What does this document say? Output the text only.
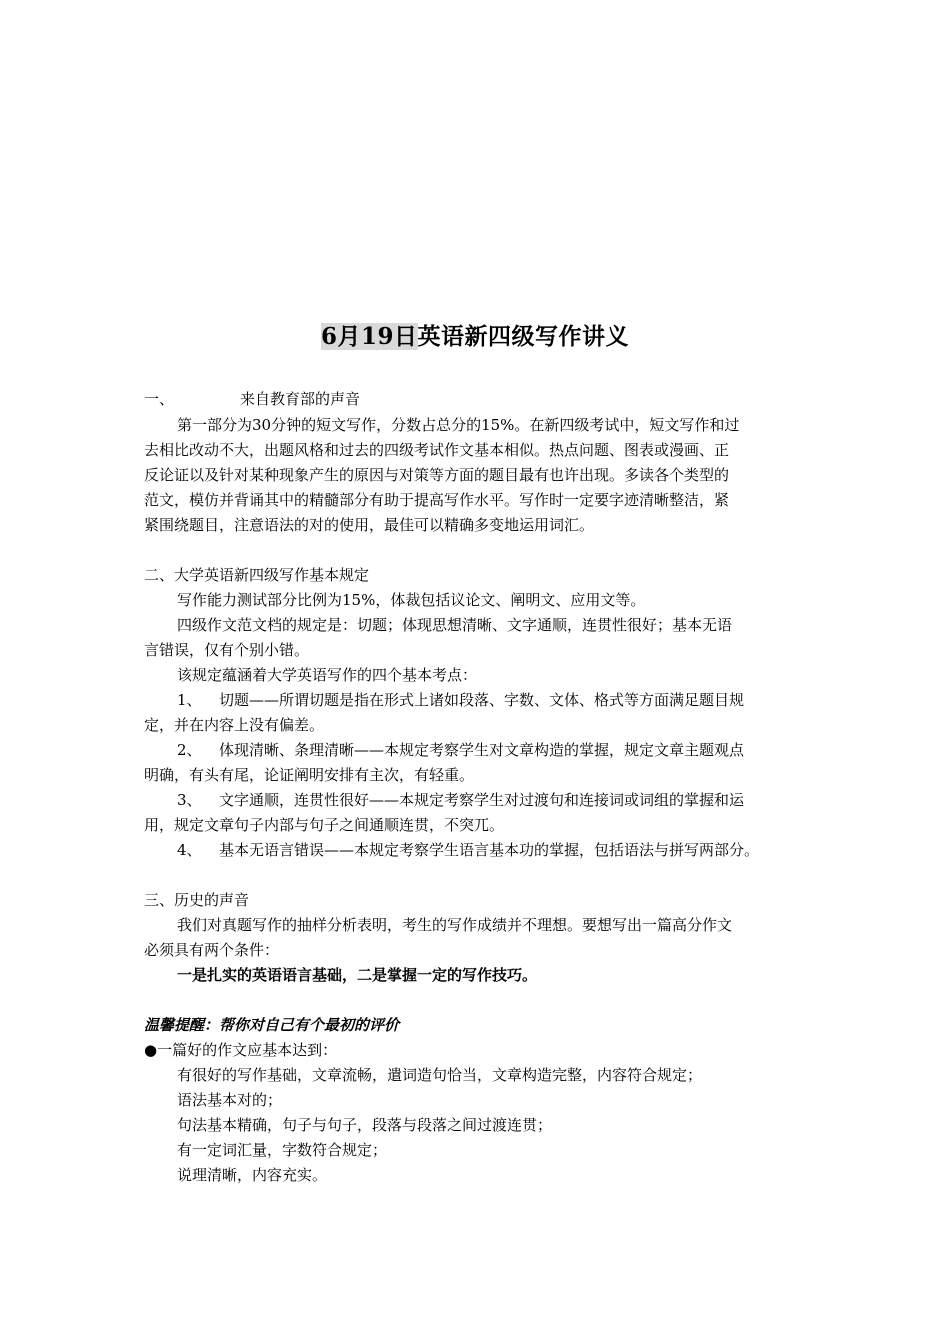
6月19日英语新四级写作讲义
一、	来自教育部的声音
第一部分为30分钟的短文写作，分数占总分的15%。在新四级考试中，短文写作和过
去相比改动不大，出题风格和过去的四级考试作文基本相似。热点问题、图表或漫画、正
反论证以及针对某种现象产生的原因与对策等方面的题目最有也许出现。多读各个类型的
范文，模仿并背诵其中的精髓部分有助于提高写作水平。写作时一定要字迹清晰整洁，紧
紧围绕题目，注意语法的对的使用，最佳可以精确多变地运用词汇。
二、大学英语新四级写作基本规定
写作能力测试部分比例为15%，体裁包括议论文、阐明文、应用文等。
四级作文范文档的规定是：切题；体现思想清晰、文字通顺，连贯性很好；基本无语
言错误，仅有个别小错。
该规定蕴涵着大学英语写作的四个基本考点：
1、 切题——所谓切题是指在形式上诸如段落、字数、文体、格式等方面满足题目规
定，并在内容上没有偏差。
2、 体现清晰、条理清晰——本规定考察学生对文章构造的掌握，规定文章主题观点
明确，有头有尾，论证阐明安排有主次，有轻重。
3、 文字通顺，连贯性很好——本规定考察学生对过渡句和连接词或词组的掌握和运
用，规定文章句子内部与句子之间通顺连贯，不突兀。
4、 基本无语言错误——本规定考察学生语言基本功的掌握，包括语法与拼写两部分。
三、历史的声音
我们对真题写作的抽样分析表明，考生的写作成绩并不理想。要想写出一篇高分作文
必须具有两个条件：
一是扎实的英语语言基础，二是掌握一定的写作技巧。
温馨提醒：帮你对自己有个最初的评价
●一篇好的作文应基本达到：
有很好的写作基础，文章流畅，遣词造句恰当，文章构造完整，内容符合规定；
语法基本对的；
句法基本精确，句子与句子，段落与段落之间过渡连贯；
有一定词汇量，字数符合规定；
说理清晰，内容充实。
